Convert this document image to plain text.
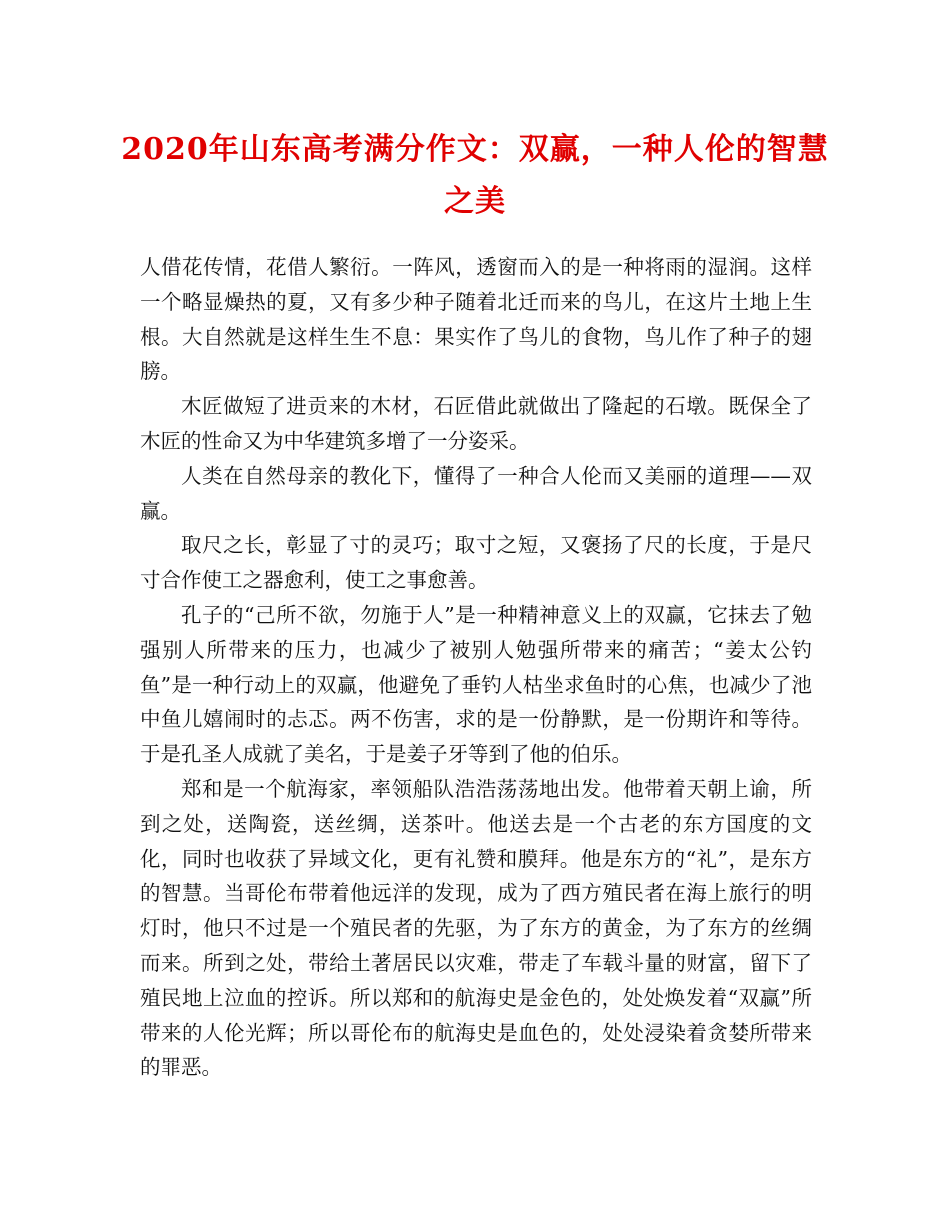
2020年山东高考满分作文：双赢，一种人伦的智慧之美

人借花传情，花借人繁衍。一阵风，透窗而入的是一种将雨的湿润。这样一个略显燥热的夏，又有多少种子随着北迁而来的鸟儿，在这片土地上生根。大自然就是这样生生不息：果实作了鸟儿的食物，鸟儿作了种子的翅膀。

木匠做短了进贡来的木材，石匠借此就做出了隆起的石墩。既保全了木匠的性命又为中华建筑多增了一分姿采。

人类在自然母亲的教化下，懂得了一种合人伦而又美丽的道理——双赢。

取尺之长，彰显了寸的灵巧；取寸之短，又褒扬了尺的长度，于是尺寸合作使工之器愈利，使工之事愈善。

孔子的“己所不欲，勿施于人”是一种精神意义上的双赢，它抹去了勉强别人所带来的压力，也减少了被别人勉强所带来的痛苦；“姜太公钓鱼”是一种行动上的双赢，他避免了垂钓人枯坐求鱼时的心焦，也减少了池中鱼儿嬉闹时的忐忑。两不伤害，求的是一份静默，是一份期许和等待。于是孔圣人成就了美名，于是姜子牙等到了他的伯乐。

郑和是一个航海家，率领船队浩浩荡荡地出发。他带着天朝上谕，所到之处，送陶瓷，送丝绸，送茶叶。他送去是一个古老的东方国度的文化，同时也收获了异域文化，更有礼赞和膜拜。他是东方的“礼”，是东方的智慧。当哥伦布带着他远洋的发现，成为了西方殖民者在海上旅行的明灯时，他只不过是一个殖民者的先驱，为了东方的黄金，为了东方的丝绸而来。所到之处，带给土著居民以灾难，带走了车载斗量的财富，留下了殖民地上泣血的控诉。所以郑和的航海史是金色的，处处焕发着“双赢”所带来的人伦光辉；所以哥伦布的航海史是血色的，处处浸染着贪婪所带来的罪恶。
